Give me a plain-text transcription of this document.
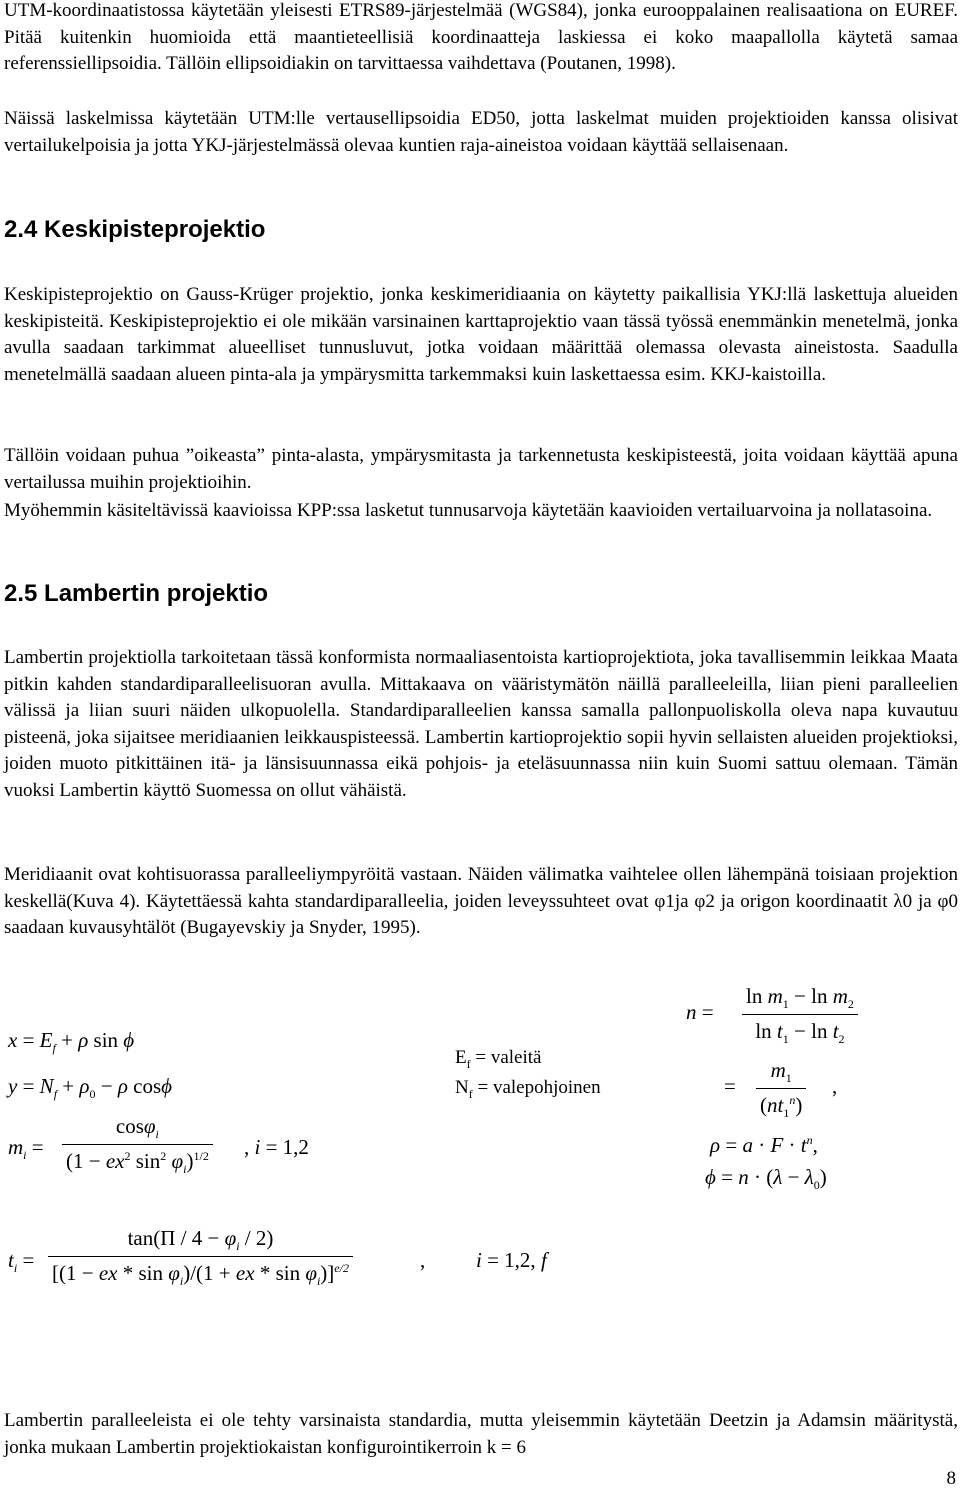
UTM-koordinaatistossa käytetään yleisesti ETRS89-järjestelmää (WGS84), jonka eurooppalainen realisaationa on EUREF. Pitää kuitenkin huomioida että maantieteellisiä koordinaatteja laskiessa ei koko maapallolla käytetä samaa referenssiellipsoidia. Tällöin ellipsoidiakin on tarvittaessa vaihdettava (Poutanen, 1998).

Näissä laskelmissa käytetään UTM:lle vertausellipsoidia ED50, jotta laskelmat muiden projektioiden kanssa olisivat vertailukelpoisia ja jotta YKJ-järjestelmässä olevaa kuntien raja-aineistoa voidaan käyttää sellaisenaan.

2.4 Keskipisteprojektio

Keskipisteprojektio on Gauss-Krüger projektio, jonka keskimeridiaania on käytetty paikallisia YKJ:llä laskettuja alueiden keskipisteitä. Keskipisteprojektio ei ole mikään varsinainen karttaprojektio vaan tässä työssä enemmänkin menetelmä, jonka avulla saadaan tarkimmat alueelliset tunnusluvut, jotka voidaan määrittää olemassa olevasta aineistosta. Saadulla menetelmällä saadaan alueen pinta-ala ja ympärysmitta tarkemmaksi kuin laskettaessa esim. KKJ-kaistoilla.

Tällöin voidaan puhua ”oikeasta” pinta-alasta, ympärysmitasta ja tarkennetusta keskipisteestä, joita voidaan käyttää apuna vertailussa muihin projektioihin.

Myöhemmin käsiteltävissä kaavioissa KPP:ssa lasketut tunnusarvoja käytetään kaavioiden vertailuarvoina ja nollatasoina.

2.5 Lambertin projektio

Lambertin projektiolla tarkoitetaan tässä konformista normaaliasentoista kartioprojektiota, joka tavallisemmin leikkaa Maata pitkin kahden standardiparalleelisuoran avulla. Mittakaava on vääristymätön näillä paralleeleilla, liian pieni paralleelien välissä ja liian suuri näiden ulkopuolella. Standardiparalleelien kanssa samalla pallonpuoliskolla oleva napa kuvautuu pisteenä, joka sijaitsee meridiaanien leikkauspisteessä. Lambertin kartioprojektio sopii hyvin sellaisten alueiden projektioksi, joiden muoto pitkittäinen itä- ja länsisuunnassa eikä pohjois- ja eteläsuunnassa niin kuin Suomi sattuu olemaan. Tämän vuoksi Lambertin käyttö Suomessa on ollut vähäistä.

Meridiaanit ovat kohtisuorassa paralleeliympyröitä vastaan. Näiden välimatka vaihtelee ollen lähempänä toisiaan projektion keskellä(Kuva 4). Käytettäessä kahta standardiparalleelia, joiden leveyssuhteet ovat φ1ja φ2 ja origon koordinaatit λ0 ja φ0 saadaan kuvausyhtälöt (Bugayevskiy ja Snyder, 1995).

$x = E_f + \rho$ sin ϕ
$y = N_f + \rho_0 - \rho$ cosϕ
$m_i$ =
cosφ$_i$
($1 - ex^2$ $\sin^2 \varphi_i)^{1/2}$ , i = 1,2
$E_f$ = valeitä
$N_f$ = valepohjoinen
n =
$\ln m_1 - \ln m_2$
$\ln t_1 - \ln t_2$
=
$m_1$
$(nt_1^n)$
,
$\rho = a \cdot F \cdot t^n$,
$\phi = n \cdot (\lambda - \lambda_0)$
$t_i$ =
$\tan(\Pi / 4 - \varphi_i / 2)$
[(1 − ex * $\sin \varphi_i)/(1$ + ex * $\sin \varphi_i)]^{e/2}$	, i = 1,2, f

Lambertin paralleeleista ei ole tehty varsinaista standardia, mutta yleisemmin käytetään Deetzin ja Adamsin määritystä, jonka mukaan Lambertin projektiokaistan konfigurointikerroin k = 6

8
